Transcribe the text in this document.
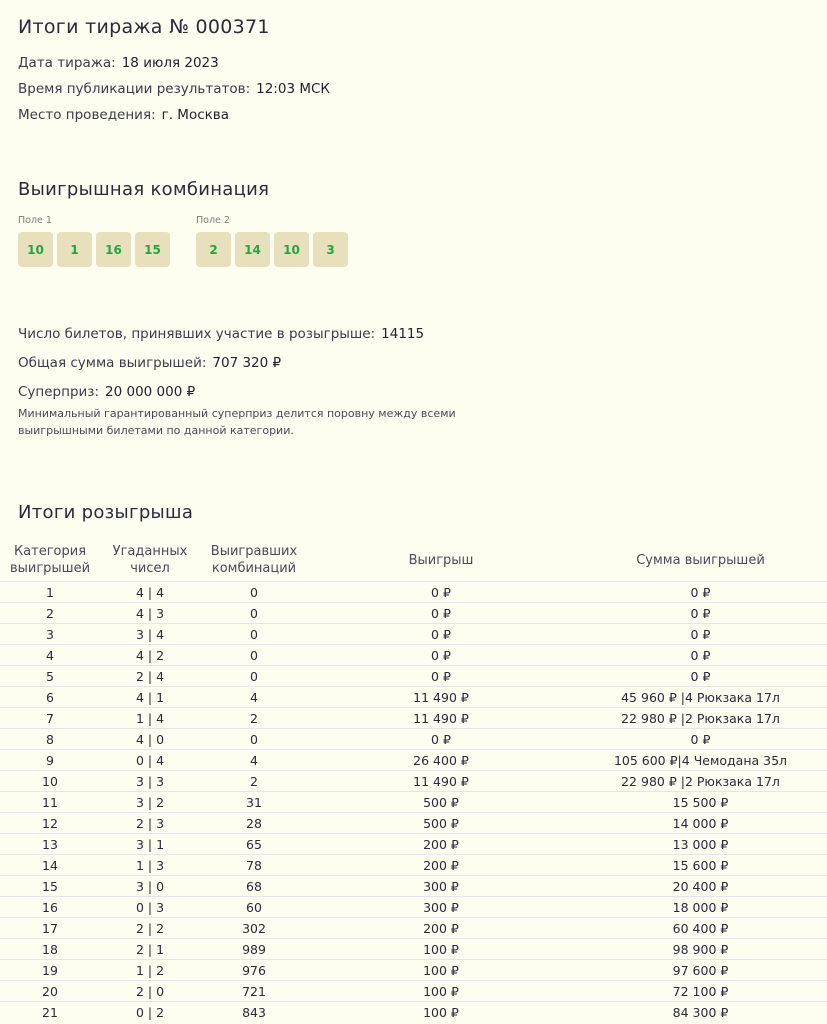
Итоги тиража № 000371
Дата тиража: 18 июля 2023
Время публикации результатов: 12:03 МСК
Место проведения: г. Москва
Выигрышная комбинация
Поле 1
10	1	16	15
Поле 2
2	14	10	3
Число билетов, принявших участие в розыгрыше: 14115
Общая сумма выигрышей: 707 320 ₽
Суперприз: 20 000 000 ₽
Минимальный гарантированный суперприз делится поровну между всеми выигрышными билетами по данной категории.
Итоги розыгрыша
Категория выигрышей	Угаданных чисел	Выигравших комбинаций	Выигрыш	Сумма выигрышей
1	4 | 4	0	0 ₽	0 ₽
2	4 | 3	0	0 ₽	0 ₽
3	3 | 4	0	0 ₽	0 ₽
4	4 | 2	0	0 ₽	0 ₽
5	2 | 4	0	0 ₽	0 ₽
6	4 | 1	4	11 490 ₽	45 960 ₽ |4 Рюкзака 17л
7	1 | 4	2	11 490 ₽	22 980 ₽ |2 Рюкзака 17л
8	4 | 0	0	0 ₽	0 ₽
9	0 | 4	4	26 400 ₽	105 600 ₽|4 Чемодана 35л
10	3 | 3	2	11 490 ₽	22 980 ₽ |2 Рюкзака 17л
11	3 | 2	31	500 ₽	15 500 ₽
12	2 | 3	28	500 ₽	14 000 ₽
13	3 | 1	65	200 ₽	13 000 ₽
14	1 | 3	78	200 ₽	15 600 ₽
15	3 | 0	68	300 ₽	20 400 ₽
16	0 | 3	60	300 ₽	18 000 ₽
17	2 | 2	302	200 ₽	60 400 ₽
18	2 | 1	989	100 ₽	98 900 ₽
19	1 | 2	976	100 ₽	97 600 ₽
20	2 | 0	721	100 ₽	72 100 ₽
21	0 | 2	843	100 ₽	84 300 ₽
